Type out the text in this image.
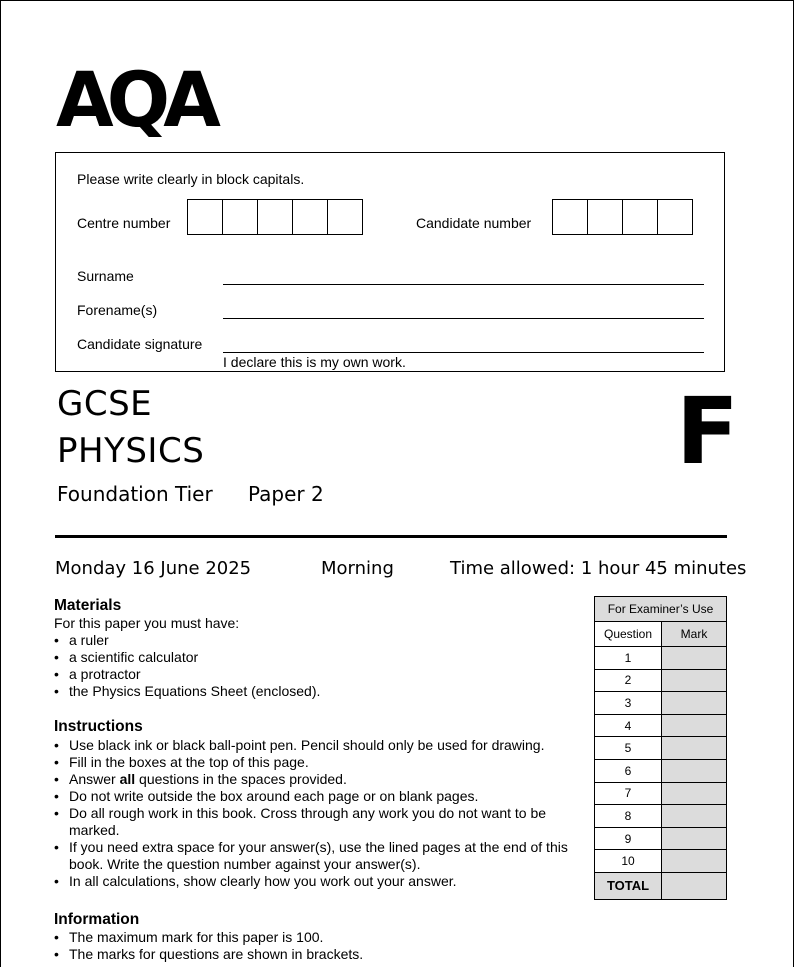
AQA
Please write clearly in block capitals.
Centre number	Candidate number
Surname
Forename(s)
Candidate signature
I declare this is my own work.
GCSE
PHYSICS
Foundation Tier Paper 2
F
Monday 16 June 2025	Morning	Time allowed: 1 hour 45 minutes
Materials
For this paper you must have:
• a ruler
• a scientific calculator
• a protractor
• the Physics Equations Sheet (enclosed).
Instructions
• Use black ink or black ball-point pen. Pencil should only be used for drawing.
• Fill in the boxes at the top of this page.
• Answer all questions in the spaces provided.
• Do not write outside the box around each page or on blank pages.
• Do all rough work in this book. Cross through any work you do not want to be marked.
• If you need extra space for your answer(s), use the lined pages at the end of this book. Write the question number against your answer(s).
• In all calculations, show clearly how you work out your answer.
Information
• The maximum mark for this paper is 100.
• The marks for questions are shown in brackets.
For Examiner’s Use	
Question	Mark
1	
2	
3	
4	
5	
6	
7	
8	
9	
10	
TOTAL	
